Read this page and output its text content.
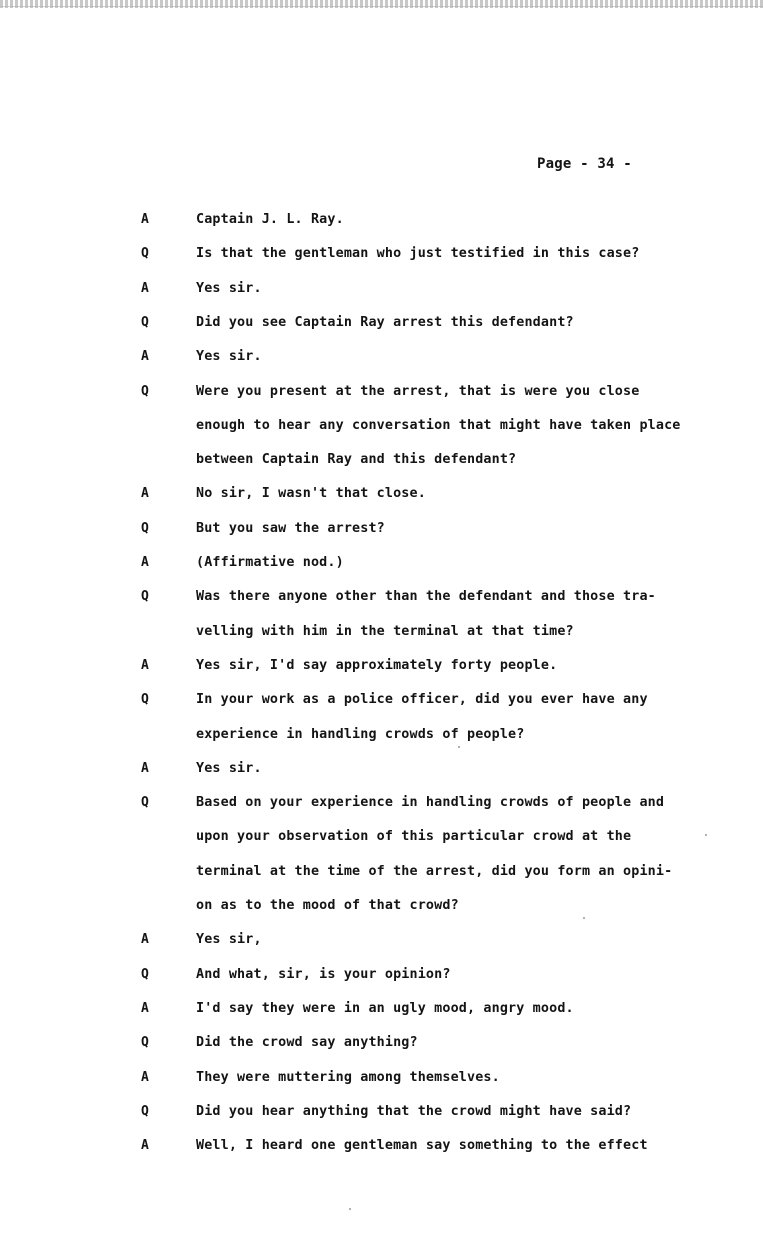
Page - 34 -
A	Captain J. L. Ray.
Q	Is that the gentleman who just testified in this case?
A	Yes sir.
Q	Did you see Captain Ray arrest this defendant?
A	Yes sir.
Q	Were you present at the arrest, that is were you close
enough to hear any conversation that might have taken place
between Captain Ray and this defendant?
A	No sir, I wasn't that close.
Q	But you saw the arrest?
A	(Affirmative nod.)
Q	Was there anyone other than the defendant and those tra-
velling with him in the terminal at that time?
A	Yes sir, I'd say approximately forty people.
Q	In your work as a police officer, did you ever have any
experience in handling crowds of people?
A	Yes sir.
Q	Based on your experience in handling crowds of people and
upon your observation of this particular crowd at the
terminal at the time of the arrest, did you form an opini-
on as to the mood of that crowd?
A	Yes sir,
Q	And what, sir, is your opinion?
A	I'd say they were in an ugly mood, angry mood.
Q	Did the crowd say anything?
A	They were muttering among themselves.
Q	Did you hear anything that the crowd might have said?
A	Well, I heard one gentleman say something to the effect
